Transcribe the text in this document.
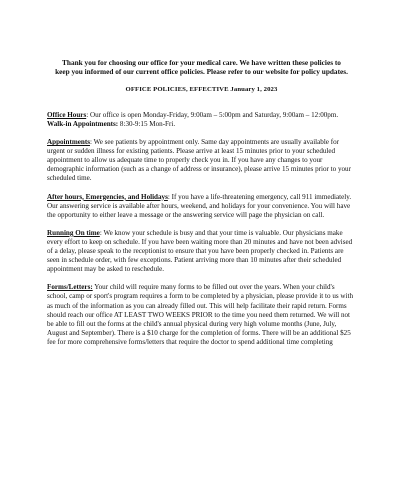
Thank you for choosing our office for your medical care. We have written these policies to keep you informed of our current office policies. Please refer to our website for policy updates.
OFFICE POLICIES, EFFECTIVE January 1, 2023
Office Hours: Our office is open Monday-Friday, 9:00am – 5:00pm and Saturday, 9:00am – 12:00pm. Walk-in Appointments: 8:30-9:15 Mon-Fri.
Appointments: We see patients by appointment only. Same day appointments are usually available for urgent or sudden illness for existing patients. Please arrive at least 15 minutes prior to your scheduled appointment to allow us adequate time to properly check you in. If you have any changes to your demographic information (such as a change of address or insurance), please arrive 15 minutes prior to your scheduled time.
After hours, Emergencies, and Holidays: If you have a life-threatening emergency, call 911 immediately. Our answering service is available after hours, weekend, and holidays for your convenience. You will have the opportunity to either leave a message or the answering service will page the physician on call.
Running On time: We know your schedule is busy and that your time is valuable. Our physicians make every effort to keep on schedule. If you have been waiting more than 20 minutes and have not been advised of a delay, please speak to the receptionist to ensure that you have been properly checked in. Patients are seen in schedule order, with few exceptions. Patient arriving more than 10 minutes after their scheduled appointment may be asked to reschedule.
Forms/Letters: Your child will require many forms to be filled out over the years. When your child's school, camp or sport's program requires a form to be completed by a physician, please provide it to us with as much of the information as you can already filled out. This will help facilitate their rapid return. Forms should reach our office AT LEAST TWO WEEKS PRIOR to the time you need them returned. We will not be able to fill out the forms at the child's annual physical during very high volume months (June, July, August and September). There is a $10 charge for the completion of forms. There will be an additional $25 fee for more comprehensive forms/letters that require the doctor to spend additional time completing
